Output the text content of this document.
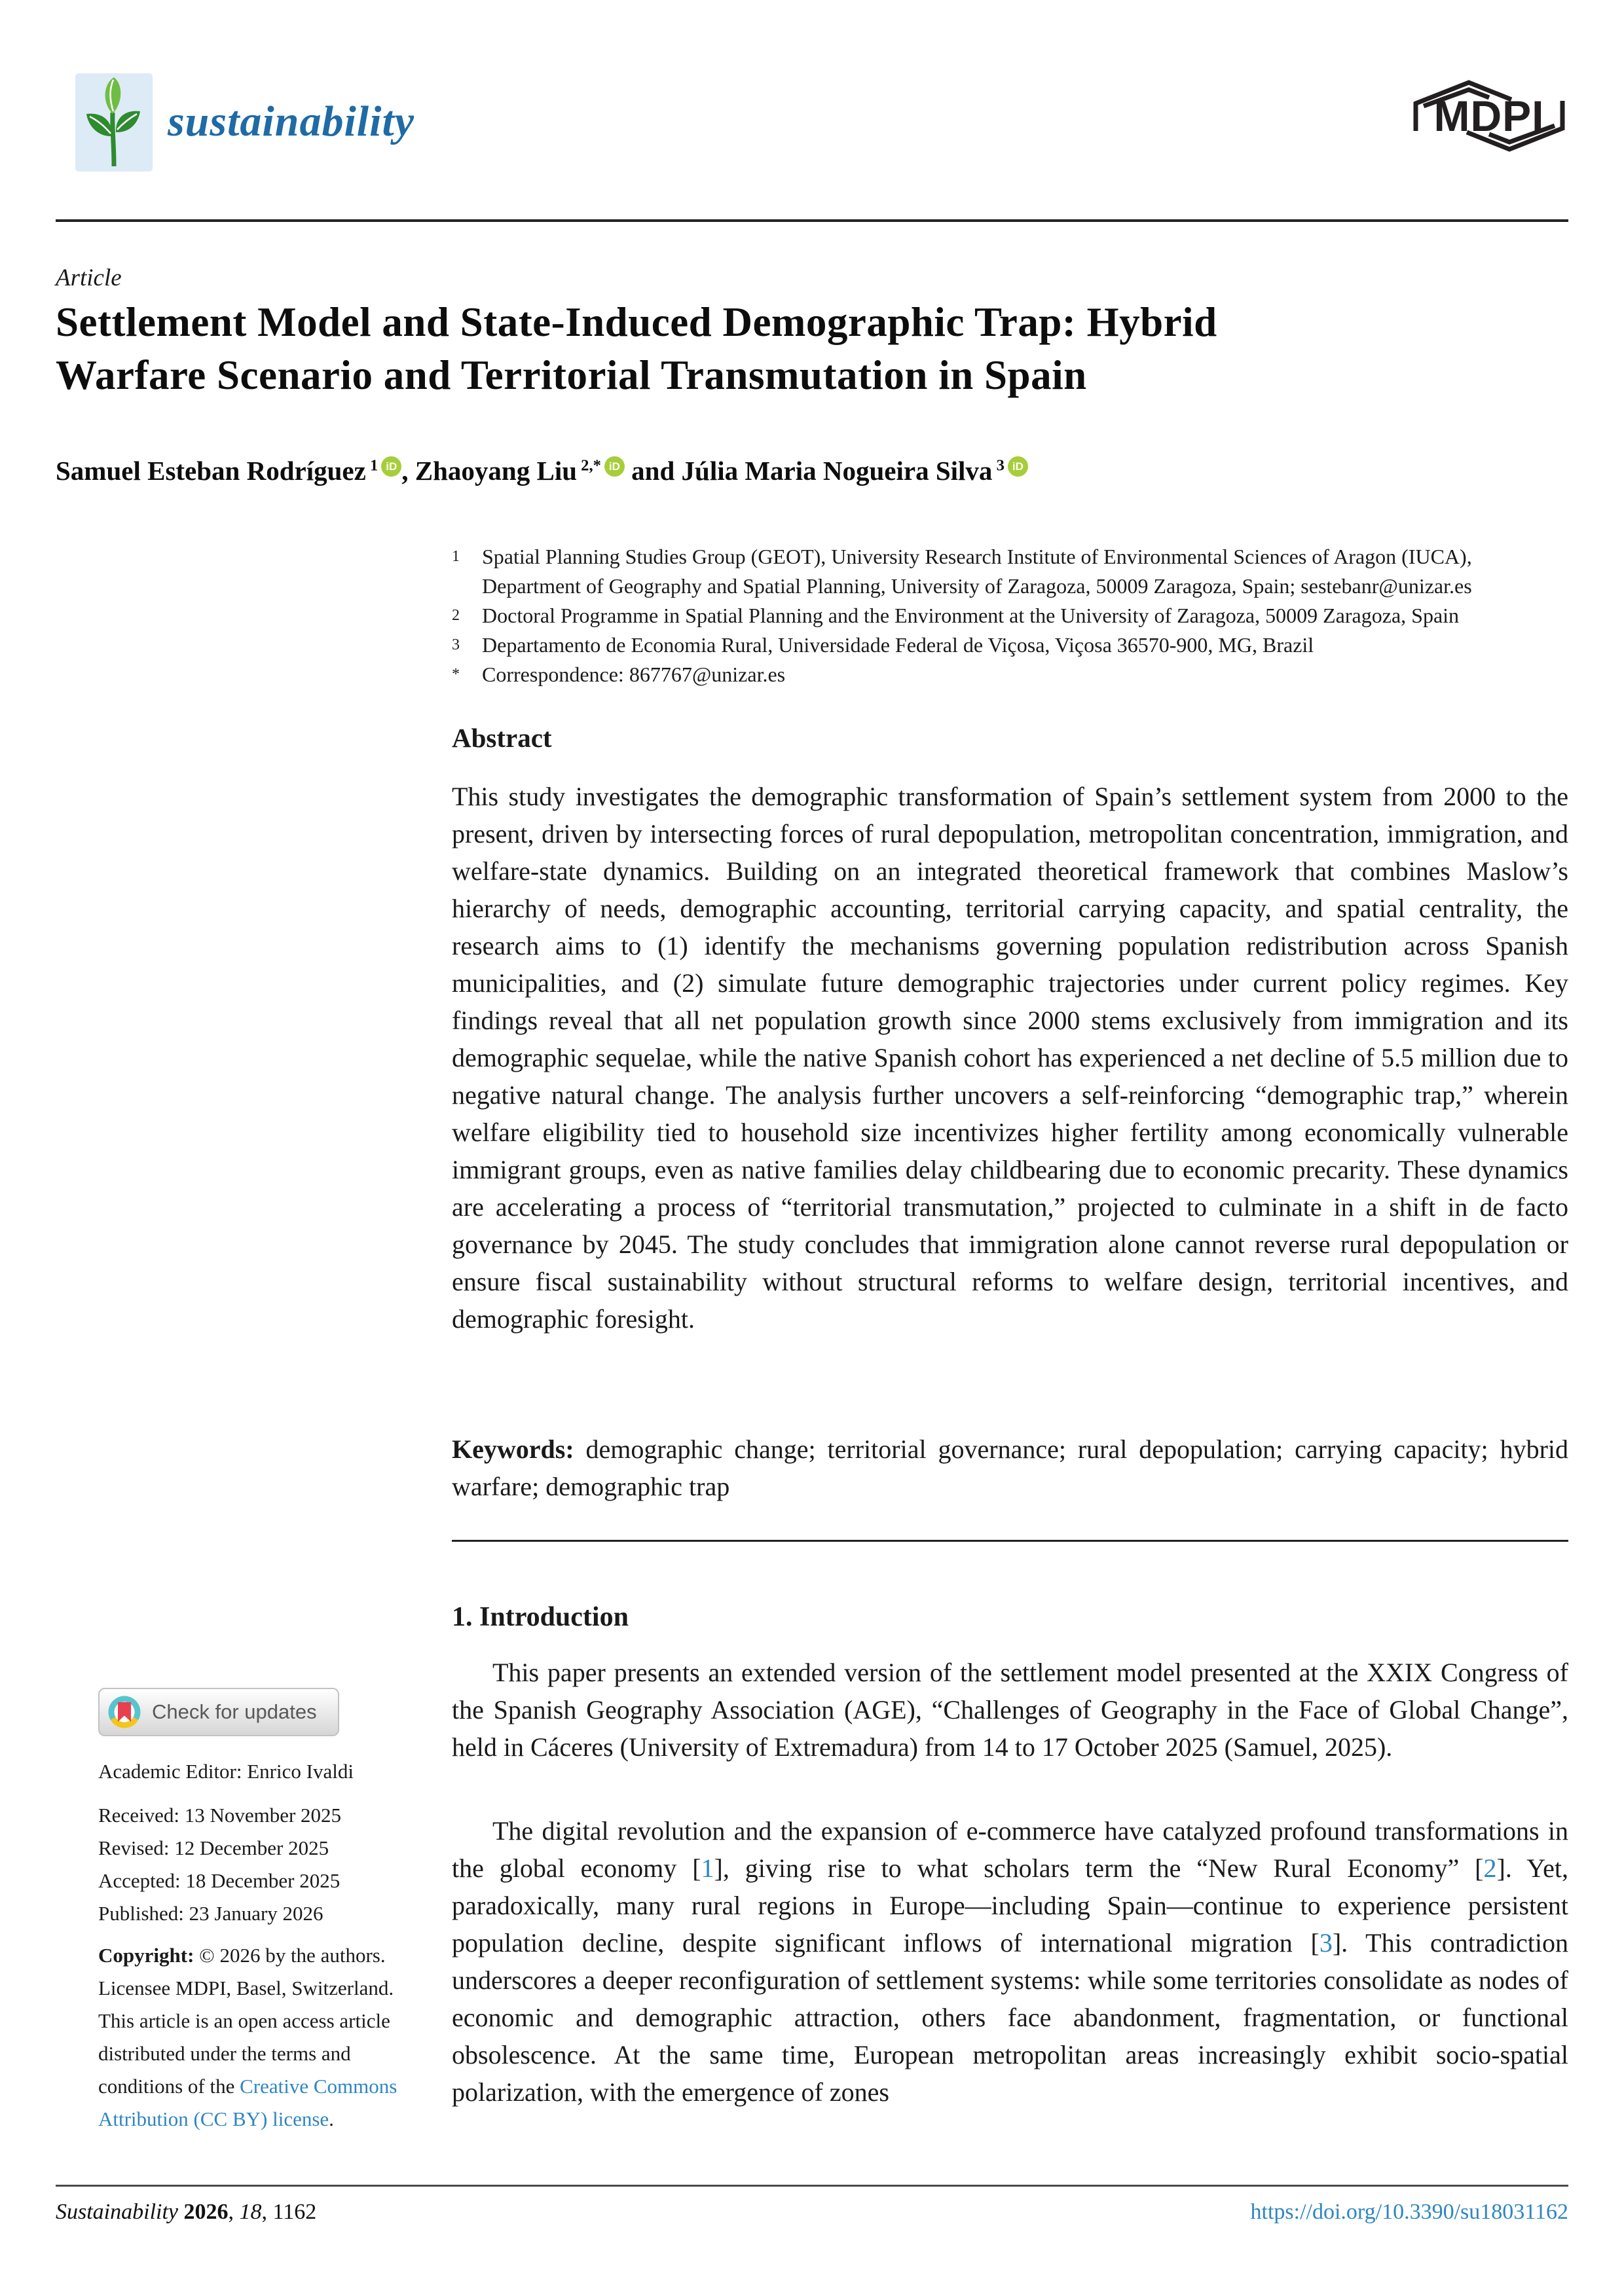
sustainability	MDPI
Article
Settlement Model and State-Induced Demographic Trap: Hybrid
Warfare Scenario and Territorial Transmutation in Spain
Samuel Esteban Rodríguez $^1$ iD , Zhaoyang Liu $^{2,*}$ iD and Júlia Maria Nogueira Silva $^3$ iD
1	Spatial Planning Studies Group (GEOT), University Research Institute of Environmental Sciences of Aragon (IUCA), Department of Geography and Spatial Planning, University of Zaragoza, 50009 Zaragoza, Spain; sestebanr@unizar.es
2	Doctoral Programme in Spatial Planning and the Environment at the University of Zaragoza, 50009 Zaragoza, Spain
3	Departamento de Economia Rural, Universidade Federal de Viçosa, Viçosa 36570-900, MG, Brazil
*	Correspondence: 867767@unizar.es
Abstract
This study investigates the demographic transformation of Spain’s settlement system from 2000 to the present, driven by intersecting forces of rural depopulation, metropolitan concentration, immigration, and welfare-state dynamics. Building on an integrated theoretical framework that combines Maslow’s hierarchy of needs, demographic accounting, territorial carrying capacity, and spatial centrality, the research aims to (1) identify the mechanisms governing population redistribution across Spanish municipalities, and (2) simulate future demographic trajectories under current policy regimes. Key findings reveal that all net population growth since 2000 stems exclusively from immigration and its demographic sequelae, while the native Spanish cohort has experienced a net decline of 5.5 million due to negative natural change. The analysis further uncovers a self-reinforcing “demographic trap,” wherein welfare eligibility tied to household size incentivizes higher fertility among economically vulnerable immigrant groups, even as native families delay childbearing due to economic precarity. These dynamics are accelerating a process of “territorial transmutation,” projected to culminate in a shift in de facto governance by 2045. The study concludes that immigration alone cannot reverse rural depopulation or ensure fiscal sustainability without structural reforms to welfare design, territorial incentives, and demographic foresight.
Keywords: demographic change; territorial governance; rural depopulation; carrying capacity; hybrid warfare; demographic trap
1. Introduction
This paper presents an extended version of the settlement model presented at the XXIX Congress of the Spanish Geography Association (AGE), “Challenges of Geography in the Face of Global Change”, held in Cáceres (University of Extremadura) from 14 to 17 October 2025 (Samuel, 2025).
The digital revolution and the expansion of e-commerce have catalyzed profound transformations in the global economy [1], giving rise to what scholars term the “New Rural Economy” [2]. Yet, paradoxically, many rural regions in Europe—including Spain—continue to experience persistent population decline, despite significant inflows of international migration [3]. This contradiction underscores a deeper reconfiguration of settlement systems: while some territories consolidate as nodes of economic and demographic attraction, others face abandonment, fragmentation, or functional obsolescence. At the same time, European metropolitan areas increasingly exhibit socio-spatial polarization, with the emergence of zones
Check for updates
Academic Editor: Enrico Ivaldi
Received: 13 November 2025
Revised: 12 December 2025
Accepted: 18 December 2025
Published: 23 January 2026
Copyright: © 2026 by the authors. Licensee MDPI, Basel, Switzerland. This article is an open access article distributed under the terms and conditions of the Creative Commons Attribution (CC BY) license.
Sustainability 2026, 18, 1162	https://doi.org/10.3390/su18031162
